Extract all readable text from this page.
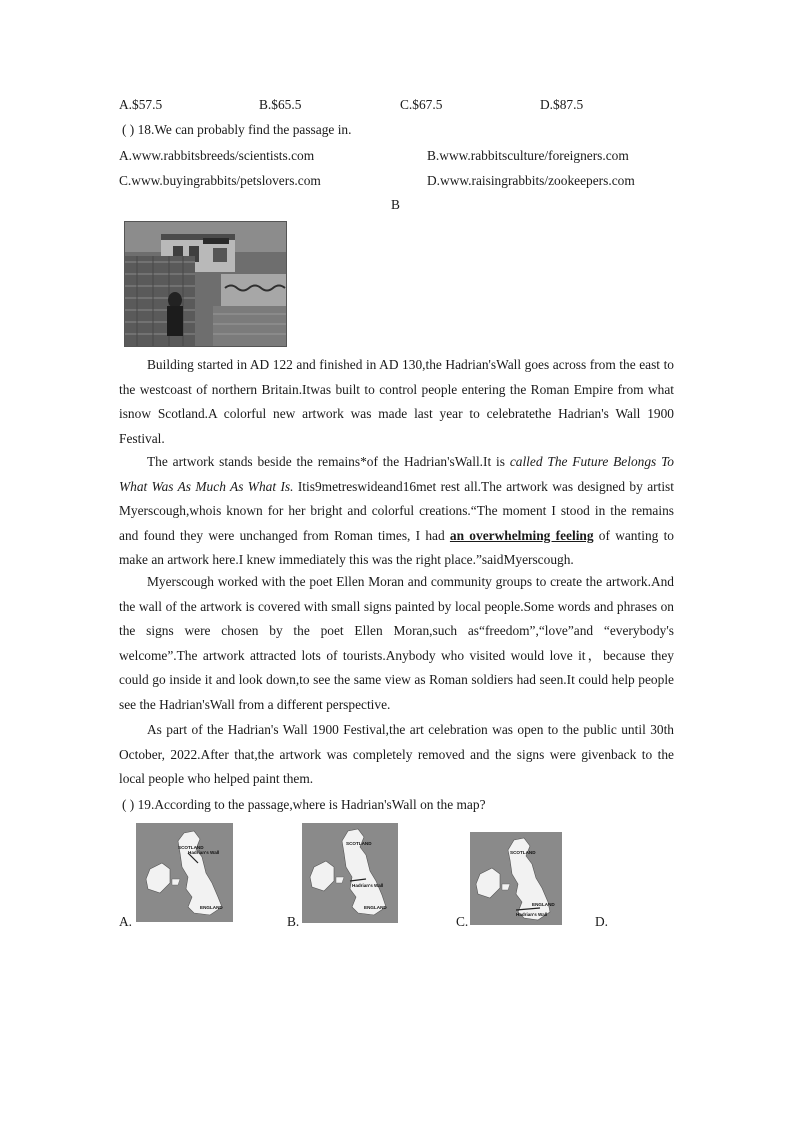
A.$57.5	B.$65.5	C.$67.5	D.$87.5
( ) 18.We can probably find the passage in.
A.www.rabbitsbreeds/scientists.com	B.www.rabbitsculture/foreigners.com
C.www.buyingrabbits/petslovers.com	D.www.raisingrabbits/zookeepers.com
B
Building started in AD 122 and finished in AD 130,the Hadrian'sWall goes across from the east to the westcoast of northern Britain.Itwas built to control people entering the Roman Empire from what isnow Scotland.A colorful new artwork was made last year to celebratethe Hadrian's Wall 1900 Festival.
The artwork stands beside the remains*of the Hadrian'sWall.It is called The Future Belongs To What Was As Much As What Is. Itis9metreswideand16met rest all.The artwork was designed by artist Myerscough,whois known for her bright and colorful creations.“The moment I stood in the remains and found they were unchanged from Roman times, I had an overwhelming feeling of wanting to make an artwork here.I knew immediately this was the right place.”saidMyerscough.
Myerscough worked with the poet Ellen Moran and community groups to create the artwork.And the wall of the artwork is covered with small signs painted by local people.Some words and phrases on the signs were chosen by the poet Ellen Moran,such as“freedom”,“love”and “everybody's welcome”.The artwork attracted lots of tourists.Anybody who visited would love it，because they could go inside it and look down,to see the same view as Roman soldiers had seen.It could help people see the Hadrian'sWall from a different perspective.
As part of the Hadrian's Wall 1900 Festival,the art celebration was open to the public until 30th October, 2022.After that,the artwork was completely removed and the signs were givenback to the local people who helped paint them.
( ) 19.According to the passage,where is Hadrian'sWall on the map?
A.	B.	C.	D.
SCOTLAND
Hadrian's Wall
ENGLAND
SCOTLAND
Hadrian's Wall
ENGLAND
SCOTLAND
ENGLAND
Hadrian's Wall
